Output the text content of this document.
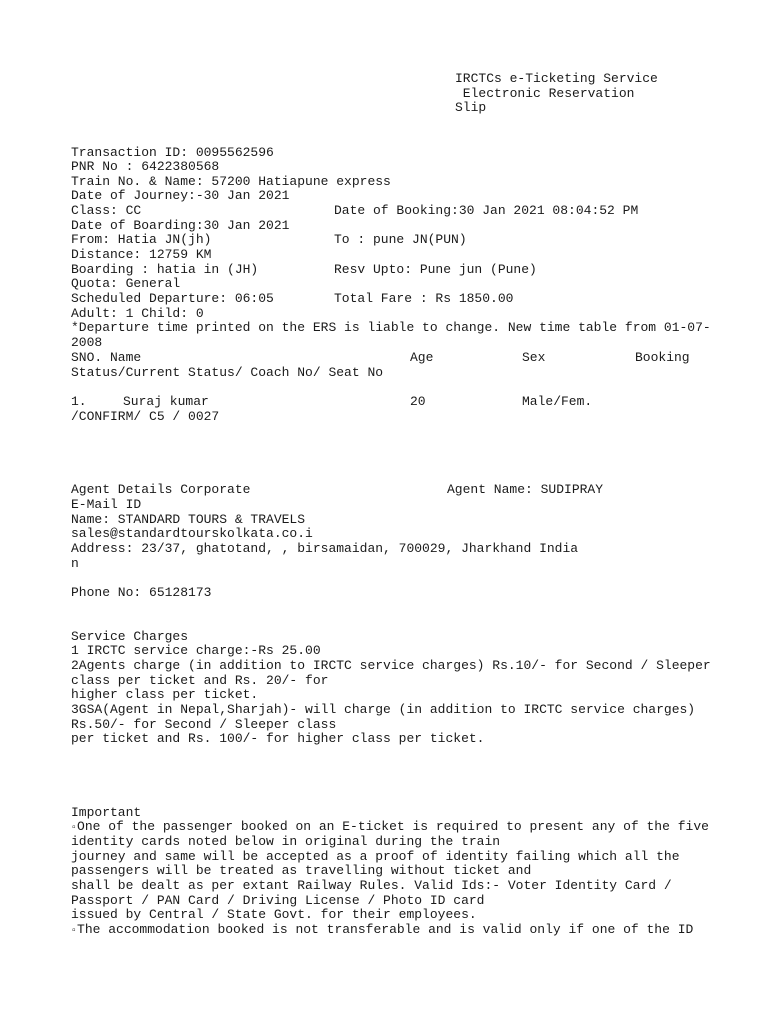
IRCTCs e-Ticketing Service
Electronic Reservation
Slip
Transaction ID: 0095562596
PNR No : 6422380568
Train No. & Name: 57200 Hatiapune express
Date of Journey:-30 Jan 2021
Class: CC	Date of Booking:30 Jan 2021 08:04:52 PM
Date of Boarding:30 Jan 2021
From: Hatia JN(jh)	To : pune JN(PUN)
Distance: 12759 KM
Boarding : hatia in (JH)	Resv Upto: Pune jun (Pune)
Quota: General
Scheduled Departure: 06:05	Total Fare : Rs 1850.00
Adult: 1 Child: 0
*Departure time printed on the ERS is liable to change. New time table from 01-07-
2008
SNO. Name	Age	Sex	Booking
Status/Current Status/ Coach No/ Seat No
1.	Suraj kumar	20	Male/Fem.
/CONFIRM/ C5 / 0027
Agent Details Corporate	Agent Name: SUDIPRAY
E-Mail ID
Name: STANDARD TOURS & TRAVELS
sales@standardtourskolkata.co.i
Address: 23/37, ghatotand, , birsamaidan, 700029, Jharkhand India
n
Phone No: 65128173
Service Charges
1 IRCTC service charge:-Rs 25.00
2Agents charge (in addition to IRCTC service charges) Rs.10/- for Second / Sleeper
class per ticket and Rs. 20/- for
higher class per ticket.
3GSA(Agent in Nepal,Sharjah)- will charge (in addition to IRCTC service charges)
Rs.50/- for Second / Sleeper class
per ticket and Rs. 100/- for higher class per ticket.
Important
▫One of the passenger booked on an E-ticket is required to present any of the five
identity cards noted below in original during the train
journey and same will be accepted as a proof of identity failing which all the
passengers will be treated as travelling without ticket and
shall be dealt as per extant Railway Rules. Valid Ids:- Voter Identity Card /
Passport / PAN Card / Driving License / Photo ID card
issued by Central / State Govt. for their employees.
▫The accommodation booked is not transferable and is valid only if one of the ID
